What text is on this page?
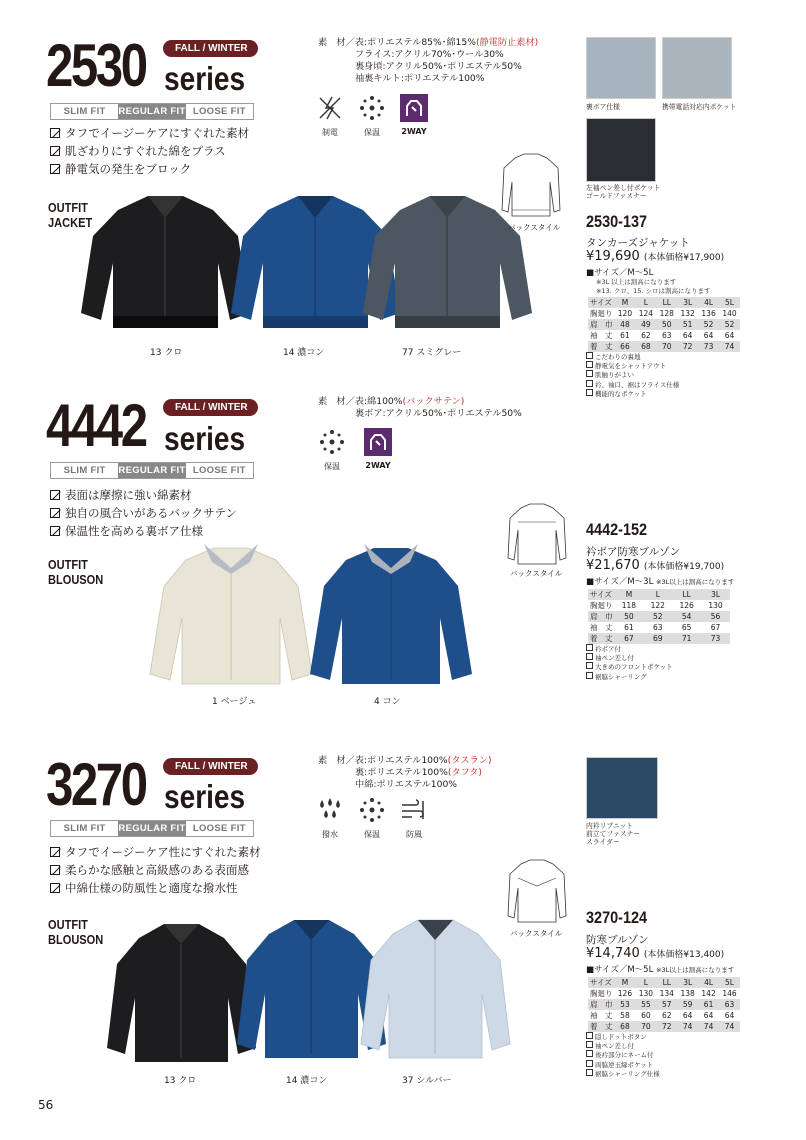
2530 series
FALL / WINTER
SLIM FIT	REGULAR FIT LOOSE FIT
タフでイージーケアにすぐれた素材
肌ざわりにすぐれた綿をプラス
静電気の発生をブロック
OUTFIT
JACKET
素　材／表:ポリエステル85%･綿15%(静電防止素材)
フライス:アクリル70%･ウール30%
裏身頃:アクリル50%･ポリエステル50%
袖裏キルト:ポリエステル100%
制電	保温	2WAY
13 クロ	14 濃コン	77 スミグレー
バックスタイル
裏ボア仕様	携帯電話対応内ポケット
左袖ペン差し付ポケット
ゴールドファスナー
2530-137
タンカーズジャケット
¥19,690 (本体価格¥17,900)
■サイズ／M〜5L
※3L 以上は割高になります
※13. クロ、15. シロは割高になります
サイズ	M	L	LL	3L	4L	5L
胸廻り	120	124	128	132	136	140
肩　巾	48	49	50	51	52	52
袖　丈	61	62	63	64	64	64
着　丈	66	68	70	72	73	74
こだわりの裏地
静電気をシャットアウト
肌触りがよい
衿、袖口、裾はフライス仕様
機能的なポケット
4442 series
FALL / WINTER
SLIM FIT	REGULAR FIT LOOSE FIT
表面は摩擦に強い綿素材
独自の風合いがあるバックサテン
保温性を高める裏ボア仕様
OUTFIT
BLOUSON
素　材／表:綿100%(バックサテン)
裏ボア:アクリル50%･ポリエステル50%
保温	2WAY
1 ベージュ	4 コン
バックスタイル
4442-152
衿ボア防寒ブルゾン
¥21,670 (本体価格¥19,700)
■サイズ／M〜3L ※3L以上は割高になります
サイズ	M	L	LL	3L
胸廻り	118	122	126	130
肩　巾	50	52	54	56
袖　丈	61	63	65	67
着　丈	67	69	71	73
衿ボア付
袖ペン差し付
大きめのフロントポケット
裾脇シャーリング
3270 series
FALL / WINTER
SLIM FIT	REGULAR FIT LOOSE FIT
タフでイージーケア性にすぐれた素材
柔らかな感触と高級感のある表面感
中綿仕様の防風性と適度な撥水性
OUTFIT
BLOUSON
素　材／表:ポリエステル100%(タスラン)
裏:ポリエステル100%(タフタ)
中綿:ポリエステル100%
撥水	保温	防風
内衿リブニット
前立てファスナー
スライダー
13 クロ	14 濃コン	37 シルバー
バックスタイル
3270-124
防寒ブルゾン
¥14,740 (本体価格¥13,400)
■サイズ／M〜5L ※3L以上は割高になります
サイズ	M	L	LL	3L	4L	5L
胸廻り	126	130	134	138	142	146
肩　巾	53	55	57	59	61	63
袖　丈	58	60	62	64	64	64
着　丈	68	70	72	74	74	74
隠しドットボタン
袖ペン差し付
後衿部分にネーム付
両脇逆玉縁ポケット
裾脇シャーリング仕様
56
